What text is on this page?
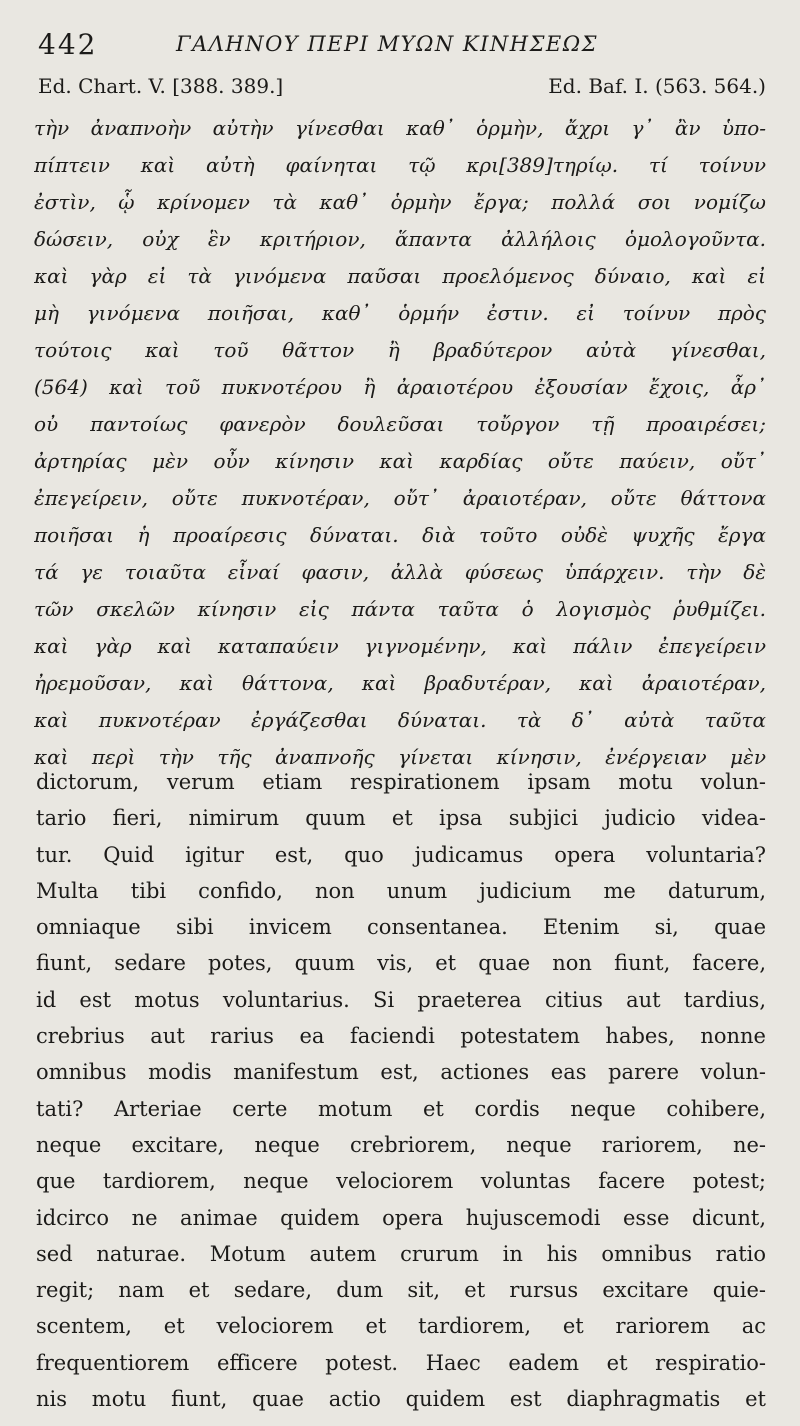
442	ΓΑΛΗΝΟΥ ΠΕΡΙ ΜΥΩΝ ΚΙΝΗΣΕΩΣ
Ed. Chart. V. [388. 389.]	Ed. Baf. I. (563. 564.)
τὴν ἀναπνοὴν αὐτὴν γίνεσθαι καθ᾽ ὁρμὴν, ἄχρι γ᾽ ἂν ὑπο-
πίπτειν καὶ αὐτὴ φαίνηται τῷ κρι[389]τηρίῳ. τί τοίνυν
ἐστὶν, ᾧ κρίνομεν τὰ καθ᾽ ὁρμὴν ἔργα; πολλά σοι νομίζω
δώσειν, οὐχ ἓν κριτήριον, ἅπαντα ἀλλήλοις ὁμολογοῦντα.
καὶ γὰρ εἰ τὰ γινόμενα παῦσαι προελόμενος δύναιο, καὶ εἰ
μὴ γινόμενα ποιῆσαι, καθ᾽ ὁρμήν ἐστιν. εἰ τοίνυν πρὸς
τούτοις καὶ τοῦ θᾶττον ἢ βραδύτερον αὐτὰ γίνεσθαι,
(564) καὶ τοῦ πυκνοτέρου ἢ ἀραιοτέρου ἐξουσίαν ἔχοις, ἆρ᾽
οὐ παντοίως φανερὸν δουλεῦσαι τοὔργον τῇ προαιρέσει;
ἀρτηρίας μὲν οὖν κίνησιν καὶ καρδίας οὔτε παύειν, οὔτ᾽
ἐπεγείρειν, οὔτε πυκνοτέραν, οὔτ᾽ ἀραιοτέραν, οὔτε θάττονα
ποιῆσαι ἡ προαίρεσις δύναται. διὰ τοῦτο οὐδὲ ψυχῆς ἔργα
τά γε τοιαῦτα εἶναί φασιν, ἀλλὰ φύσεως ὑπάρχειν. τὴν δὲ
τῶν σκελῶν κίνησιν εἰς πάντα ταῦτα ὁ λογισμὸς ῥυθμίζει.
καὶ γὰρ καὶ καταπαύειν γιγνομένην, καὶ πάλιν ἐπεγείρειν
ἠρεμοῦσαν, καὶ θάττονα, καὶ βραδυτέραν, καὶ ἀραιοτέραν,
καὶ πυκνοτέραν ἐργάζεσθαι δύναται. τὰ δ᾽ αὐτὰ ταῦτα
καὶ περὶ τὴν τῆς ἀναπνοῆς γίνεται κίνησιν, ἐνέργειαν μὲν
dictorum, verum etiam respirationem ipsam motu volun-
tario fieri, nimirum quum et ipsa subjici judicio videa-
tur. Quid igitur est, quo judicamus opera voluntaria?
Multa tibi confido, non unum judicium me daturum,
omniaque sibi invicem consentanea. Etenim si, quae
fiunt, sedare potes, quum vis, et quae non fiunt, facere,
id est motus voluntarius. Si praeterea citius aut tardius,
crebrius aut rarius ea faciendi potestatem habes, nonne
omnibus modis manifestum est, actiones eas parere volun-
tati? Arteriae certe motum et cordis neque cohibere,
neque excitare, neque crebriorem, neque rariorem, ne-
que tardiorem, neque velociorem voluntas facere potest;
idcirco ne animae quidem opera hujuscemodi esse dicunt,
sed naturae. Motum autem crurum in his omnibus ratio
regit; nam et sedare, dum sit, et rursus excitare quie-
scentem, et velociorem et tardiorem, et rariorem ac
frequentiorem efficere potest. Haec eadem et respiratio-
nis motu fiunt, quae actio quidem est diaphragmatis et
